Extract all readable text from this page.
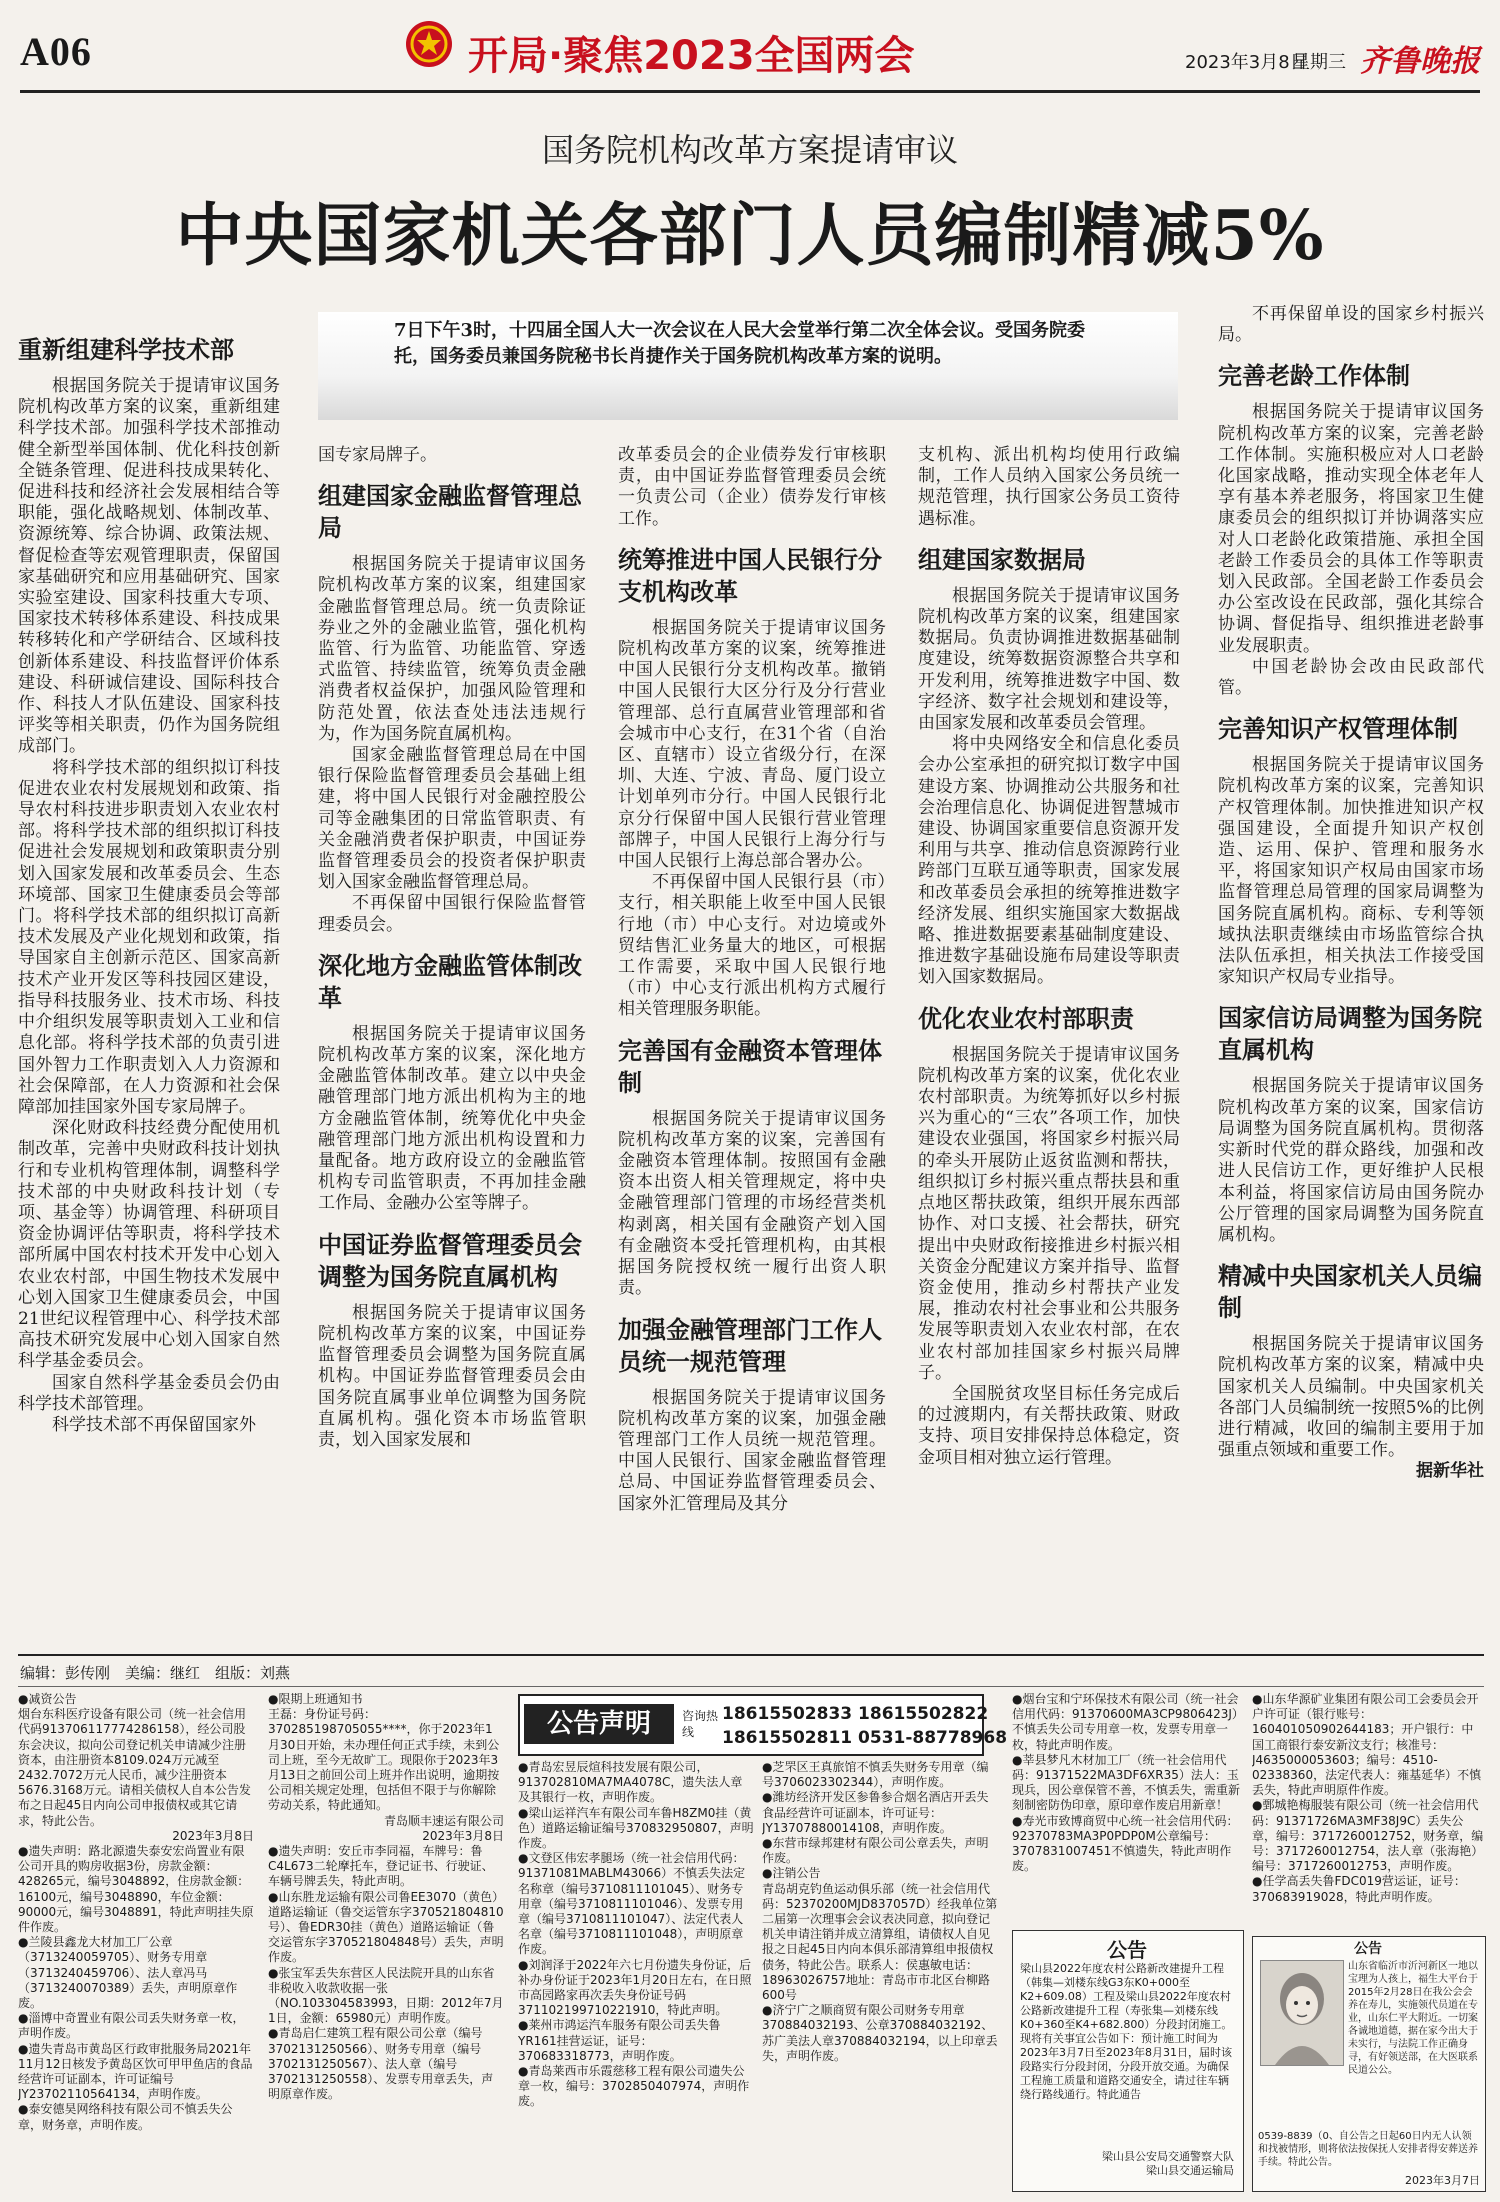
A06	开局·聚焦2023全国两会	2023年3月8日
星期三 齐鲁晚报
国务院机构改革方案提请审议
中央国家机关各部门人员编制精减5%
7日下午3时，十四届全国人大一次会议在人民大会堂举行第二次全体会议。受国务院委托，国务委员兼国务院秘书长肖捷作关于国务院机构改革方案的说明。
重新组建科学技术部

根据国务院关于提请审议国务院机构改革方案的议案，重新组建科学技术部。加强科学技术部推动健全新型举国体制、优化科技创新全链条管理、促进科技成果转化、促进科技和经济社会发展相结合等职能，强化战略规划、体制改革、资源统筹、综合协调、政策法规、督促检查等宏观管理职责，保留国家基础研究和应用基础研究、国家实验室建设、国家科技重大专项、国家技术转移体系建设、科技成果转移转化和产学研结合、区域科技创新体系建设、科技监督评价体系建设、科研诚信建设、国际科技合作、科技人才队伍建设、国家科技评奖等相关职责，仍作为国务院组成部门。

将科学技术部的组织拟订科技促进农业农村发展规划和政策、指导农村科技进步职责划入农业农村部。将科学技术部的组织拟订科技促进社会发展规划和政策职责分别划入国家发展和改革委员会、生态环境部、国家卫生健康委员会等部门。将科学技术部的组织拟订高新技术发展及产业化规划和政策，指导国家自主创新示范区、国家高新技术产业开发区等科技园区建设，指导科技服务业、技术市场、科技中介组织发展等职责划入工业和信息化部。将科学技术部的负责引进国外智力工作职责划入人力资源和社会保障部，在人力资源和社会保障部加挂国家外国专家局牌子。

深化财政科技经费分配使用机制改革，完善中央财政科技计划执行和专业机构管理体制，调整科学技术部的中央财政科技计划（专项、基金等）协调管理、科研项目资金协调评估等职责，将科学技术部所属中国农村技术开发中心划入农业农村部，中国生物技术发展中心划入国家卫生健康委员会，中国21世纪议程管理中心、科学技术部高技术研究发展中心划入国家自然科学基金委员会。

国家自然科学基金委员会仍由科学技术部管理。

科学技术部不再保留国家外

国专家局牌子。

组建国家金融监督管理总局

根据国务院关于提请审议国务院机构改革方案的议案，组建国家金融监督管理总局。统一负责除证券业之外的金融业监管，强化机构监管、行为监管、功能监管、穿透式监管、持续监管，统筹负责金融消费者权益保护，加强风险管理和防范处置，依法查处违法违规行为，作为国务院直属机构。

国家金融监督管理总局在中国银行保险监督管理委员会基础上组建，将中国人民银行对金融控股公司等金融集团的日常监管职责、有关金融消费者保护职责，中国证券监督管理委员会的投资者保护职责划入国家金融监督管理总局。

不再保留中国银行保险监督管理委员会。

深化地方金融监管体制改革

根据国务院关于提请审议国务院机构改革方案的议案，深化地方金融监管体制改革。建立以中央金融管理部门地方派出机构为主的地方金融监管体制，统筹优化中央金融管理部门地方派出机构设置和力量配备。地方政府设立的金融监管机构专司监管职责，不再加挂金融工作局、金融办公室等牌子。

中国证券监督管理委员会调整为国务院直属机构

根据国务院关于提请审议国务院机构改革方案的议案，中国证券监督管理委员会调整为国务院直属机构。中国证券监督管理委员会由国务院直属事业单位调整为国务院直属机构。强化资本市场监管职责，划入国家发展和

改革委员会的企业债券发行审核职责，由中国证券监督管理委员会统一负责公司（企业）债券发行审核工作。

统筹推进中国人民银行分支机构改革

根据国务院关于提请审议国务院机构改革方案的议案，统筹推进中国人民银行分支机构改革。撤销中国人民银行大区分行及分行营业管理部、总行直属营业管理部和省会城市中心支行，在31个省（自治区、直辖市）设立省级分行，在深圳、大连、宁波、青岛、厦门设立计划单列市分行。中国人民银行北京分行保留中国人民银行营业管理部牌子，中国人民银行上海分行与中国人民银行上海总部合署办公。

不再保留中国人民银行县（市）支行，相关职能上收至中国人民银行地（市）中心支行。对边境或外贸结售汇业务量大的地区，可根据工作需要，采取中国人民银行地（市）中心支行派出机构方式履行相关管理服务职能。

完善国有金融资本管理体制

根据国务院关于提请审议国务院机构改革方案的议案，完善国有金融资本管理体制。按照国有金融资本出资人相关管理规定，将中央金融管理部门管理的市场经营类机构剥离，相关国有金融资产划入国有金融资本受托管理机构，由其根据国务院授权统一履行出资人职责。

加强金融管理部门工作人员统一规范管理

根据国务院关于提请审议国务院机构改革方案的议案，加强金融管理部门工作人员统一规范管理。中国人民银行、国家金融监督管理总局、中国证券监督管理委员会、国家外汇管理局及其分

支机构、派出机构均使用行政编制，工作人员纳入国家公务员统一规范管理，执行国家公务员工资待遇标准。

组建国家数据局

根据国务院关于提请审议国务院机构改革方案的议案，组建国家数据局。负责协调推进数据基础制度建设，统筹数据资源整合共享和开发利用，统筹推进数字中国、数字经济、数字社会规划和建设等，由国家发展和改革委员会管理。

将中央网络安全和信息化委员会办公室承担的研究拟订数字中国建设方案、协调推动公共服务和社会治理信息化、协调促进智慧城市建设、协调国家重要信息资源开发利用与共享、推动信息资源跨行业跨部门互联互通等职责，国家发展和改革委员会承担的统筹推进数字经济发展、组织实施国家大数据战略、推进数据要素基础制度建设、推进数字基础设施布局建设等职责划入国家数据局。

优化农业农村部职责

根据国务院关于提请审议国务院机构改革方案的议案，优化农业农村部职责。为统筹抓好以乡村振兴为重心的“三农”各项工作，加快建设农业强国，将国家乡村振兴局的牵头开展防止返贫监测和帮扶，组织拟订乡村振兴重点帮扶县和重点地区帮扶政策，组织开展东西部协作、对口支援、社会帮扶，研究提出中央财政衔接推进乡村振兴相关资金分配建议方案并指导、监督资金使用，推动乡村帮扶产业发展，推动农村社会事业和公共服务发展等职责划入农业农村部，在农业农村部加挂国家乡村振兴局牌子。

全国脱贫攻坚目标任务完成后的过渡期内，有关帮扶政策、财政支持、项目安排保持总体稳定，资金项目相对独立运行管理。

不再保留单设的国家乡村振兴局。

完善老龄工作体制

根据国务院关于提请审议国务院机构改革方案的议案，完善老龄工作体制。实施积极应对人口老龄化国家战略，推动实现全体老年人享有基本养老服务，将国家卫生健康委员会的组织拟订并协调落实应对人口老龄化政策措施、承担全国老龄工作委员会的具体工作等职责划入民政部。全国老龄工作委员会办公室改设在民政部，强化其综合协调、督促指导、组织推进老龄事业发展职责。

中国老龄协会改由民政部代管。

完善知识产权管理体制

根据国务院关于提请审议国务院机构改革方案的议案，完善知识产权管理体制。加快推进知识产权强国建设，全面提升知识产权创造、运用、保护、管理和服务水平，将国家知识产权局由国家市场监督管理总局管理的国家局调整为国务院直属机构。商标、专利等领域执法职责继续由市场监管综合执法队伍承担，相关执法工作接受国家知识产权局专业指导。

国家信访局调整为国务院直属机构

根据国务院关于提请审议国务院机构改革方案的议案，国家信访局调整为国务院直属机构。贯彻落实新时代党的群众路线，加强和改进人民信访工作，更好维护人民根本利益，将国家信访局由国务院办公厅管理的国家局调整为国务院直属机构。

精减中央国家机关人员编制

根据国务院关于提请审议国务院机构改革方案的议案，精减中央国家机关人员编制。中央国家机关各部门人员编制统一按照5%的比例进行精减，收回的编制主要用于加强重点领域和重要工作。

据新华社
编辑：彭传刚　美编：继红　组版：刘燕
●减资公告
烟台东科医疗设备有限公司（统一社会信用代码913706117774286158），经公司股东会决议，拟向公司登记机关申请减少注册资本，由注册资本8109.024万元减至2432.7072万元人民币，减少注册资本5676.3168万元。请相关债权人自本公告发布之日起45日内向公司申报债权或其它请求，特此公告。
2023年3月8日
●遗失声明：路北源遗失泰安宏尚置业有限公司开具的购房收据3份，房款金额：428265元，编号3048892，住房款金额：16100元，编号3048890，车位金额：90000元，编号3048891，特此声明挂失原件作废。
●兰陵县鑫龙大材加工厂公章（3713240059705）、财务专用章（3713240459706）、法人章冯马（3713240070389）丢失，声明原章作废。
●淄博中奇置业有限公司丢失财务章一枚，声明作废。
●遗失青岛市黄岛区行政审批服务局2021年11月12日核发予黄岛区饮可甲甲鱼店的食品经营许可证副本，许可证编号JY23702110564134，声明作废。
●泰安德昊网络科技有限公司不慎丢失公章，财务章，声明作废。
●限期上班通知书
王磊：身份证号码：370285198705055****，你于2023年1月30日开始，未办理任何正式手续，未到公司上班，至今无故旷工。现限你于2023年3月13日之前回公司上班并作出说明，逾期按公司相关规定处理，包括但不限于与你解除劳动关系，特此通知。
青岛顺丰速运有限公司
2023年3月8日
●遗失声明：安丘市李同福，车牌号：鲁C4L673二轮摩托车，登记证书、行驶证、车辆号牌丢失，特此声明。
●山东胜龙运输有限公司鲁EE3070（黄色）道路运输证（鲁交运管东字370521804810号）、鲁EDR30挂（黄色）道路运输证（鲁交运管东字370521804848号）丢失，声明作废。
●张宝军丢失东营区人民法院开具的山东省非税收入收款收据一张（NO.103304583993，日期：2012年7月1日，金额：65980元）声明作废。
●青岛启仁建筑工程有限公司公章（编号3702131250566）、财务专用章（编号3702131250567）、法人章（编号3702131250558）、发票专用章丢失，声明原章作废。
公告声明	咨询热线
18615502833 18615502822
18615502811 0531-88778968
●青岛宏昱辰煊科技发展有限公司，913702810MA7MA4078C，遗失法人章及其银行一枚，声明作废。
●梁山运祥汽车有限公司车鲁H8ZM0挂（黄色）道路运输证编号370832950807，声明作废。
●文登区伟宏孝腿场（统一社会信用代码：91371081MABLM43066）不慎丢失法定名称章（编号3710811101045）、财务专用章（编号3710811101046）、发票专用章（编号3710811101047）、法定代表人名章（编号3710811101048），声明原章作废。
●刘润泽于2022年六七月份遗失身份证，后补办身份证于2023年1月20日左右，在日照市高园路家再次丢失身份证号码371102199710221910，特此声明。
●莱州市鸿运汽车服务有限公司丢失鲁YR161挂营运证，证号：370683318773，声明作废。
●青岛莱西市乐霞慈移工程有限公司遗失公章一枚，编号：3702850407974，声明作废。
●芝罘区王真旅馆不慎丢失财务专用章（编号3706023302344），声明作废。
●潍坊经济开发区参鲁参合烟名酒店开丢失食品经营许可证副本，许可证号：JY13707880014108，声明作废。
●东营市绿邦建材有限公司公章丢失，声明作废。
●注销公告
青岛胡克钓鱼运动俱乐部（统一社会信用代码：52370200MJD837057D）经我单位第二届第一次理事会会议表决同意，拟向登记机关申请注销并成立清算组，请债权人自见报之日起45日内向本俱乐部清算组申报债权债务，特此公告。联系人：侯惠敏电话：18963026757地址：青岛市市北区台柳路600号
●济宁广之顺商贸有限公司财务专用章370884032193、公章370884032192、苏广美法人章370884032194，以上印章丢失，声明作废。
●烟台宝和宁环保技术有限公司（统一社会信用代码：91370600MA3CP9806423J）不慎丢失公司专用章一枚，发票专用章一枚，特此声明作废。
●莘县梦凡木材加工厂（统一社会信用代码：91371522MA3DF6XR35）法人：玉现兵，因公章保管不善，不慎丢失，需重新刻制密防伪印章，原印章作废启用新章！
●寿光市致博商贸中心统一社会信用代码：92370783MA3P0PDP0M公章编号：3707831007451不慎遗失，特此声明作废。
●山东华源矿业集团有限公司工会委员会开户许可证（银行账号：160401050902644183；开户银行：中国工商银行泰安新汶支行；核准号：J4635000053603；编号：4510-02338360，法定代表人：雍基延华）不慎丢失，特此声明原件作废。
●鄄城艳梅服装有限公司（统一社会信用代码：91371726MA3MF38J9C）丢失公章，编号：3717260012752，财务章，编号：3717260012754，法人章（张海艳）编号：3717260012753，声明作废。
●任学高丢失鲁FDC019营运证，证号：370683919028，特此声明作废。
公告
梁山县2022年度农村公路新改建提升工程（韩集—刘楼东线G3东K0+000至K2+609.08）工程及梁山县2022年度农村公路新改建提升工程（寿张集—刘楼东线K0+360至K4+682.800）分段封闭施工。现将有关事宜公告如下：预计施工时间为2023年3月7日至2023年8月31日，届时该段路实行分段封闭，分段开放交通。为确保工程施工质量和道路交通安全，请过往车辆绕行路线通行。特此通告
梁山县公安局交通警察大队
梁山县交通运输局
公告
山东省临沂市沂河新区一地以宝理为人孩上，福生大平台于2015年2月28日在我公会会养在寿儿，实施领代员道在专业，山东仁平大附近。一切案各诚地道德，据在家今出大于未实行，与法院工作正确身寻，有好领送部，在大医联系民道公公。
0539-8839（0、自公告之日起60日内无人认领和找被情形，则将依法按保抚人安排者得安葬送养手续。特此公告。
2023年3月7日
